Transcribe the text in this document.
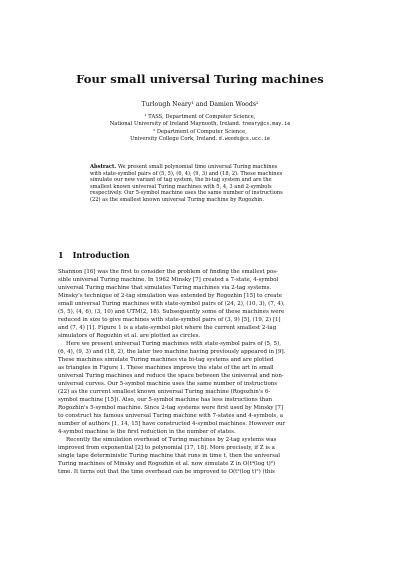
Four small universal Turing machines
Turlough Neary¹ and Damien Woods²
¹ TASS, Department of Computer Science,
National University of Ireland Maynooth, Ireland. tneary@cs.may.ie
² Department of Computer Science,
University College Cork, Ireland. d.woods@cs.ucc.ie
Abstract. We present small polynomial time universal Turing machines
with state-symbol pairs of (5, 5), (6, 4), (9, 3) and (18, 2). These machines
simulate our new variant of tag system, the bi-tag system and are the
smallest known universal Turing machines with 5, 4, 3 and 2-symbols
respectively. Our 5-symbol machine uses the same number of instructions
(22) as the smallest known universal Turing machine by Rogozhin.
1 Introduction
Shannon [16] was the first to consider the problem of finding the smallest pos-
sible universal Turing machine. In 1962 Minsky [7] created a 7-state, 4-symbol
universal Turing machine that simulates Turing machines via 2-tag systems.
Minsky's technique of 2-tag simulation was extended by Rogozhin [15] to create
small universal Turing machines with state-symbol pairs of (24, 2), (10, 3), (7, 4),
(5, 5), (4, 6), (3, 10) and UTM(2, 18). Subsequently some of these machines were
reduced in size to give machines with state-symbol pairs of (3, 9) [5], (19, 2) [1]
and (7, 4) [1]. Figure 1 is a state-symbol plot where the current smallest 2-tag
simulators of Rogozhin et al. are plotted as circles.
Here we present universal Turing machines with state-symbol pairs of (5, 5),
(6, 4), (9, 3) and (18, 2), the later two machine having previously appeared in [9].
These machines simulate Turing machines via bi-tag systems and are plotted
as triangles in Figure 1. These machines improve the state of the art in small
universal Turing machines and reduce the space between the universal and non-
universal curves. Our 5-symbol machine uses the same number of instructions
(22) as the current smallest known universal Turing machine (Rogozhin's 6-
symbol machine [15]). Also, our 5-symbol machine has less instructions than
Rogozhin's 5-symbol machine. Since 2-tag systems were first used by Minsky [7]
to construct his famous universal Turing machine with 7-states and 4-symbols, a
number of authors [1, 14, 15] have constructed 4-symbol machines. However our
4-symbol machine is the first reduction in the number of states.
Recently the simulation overhead of Turing machines by 2-tag systems was
improved from exponential [2] to polynomial [17, 18]. More precisely, if Z is a
single tape deterministic Turing machine that runs in time t, then the universal
Turing machines of Minsky and Rogozhin et al. now simulate Z in O(t⁴(log t)²)
time. It turns out that the time overhead can be improved to O(t²(log t)²) (this
